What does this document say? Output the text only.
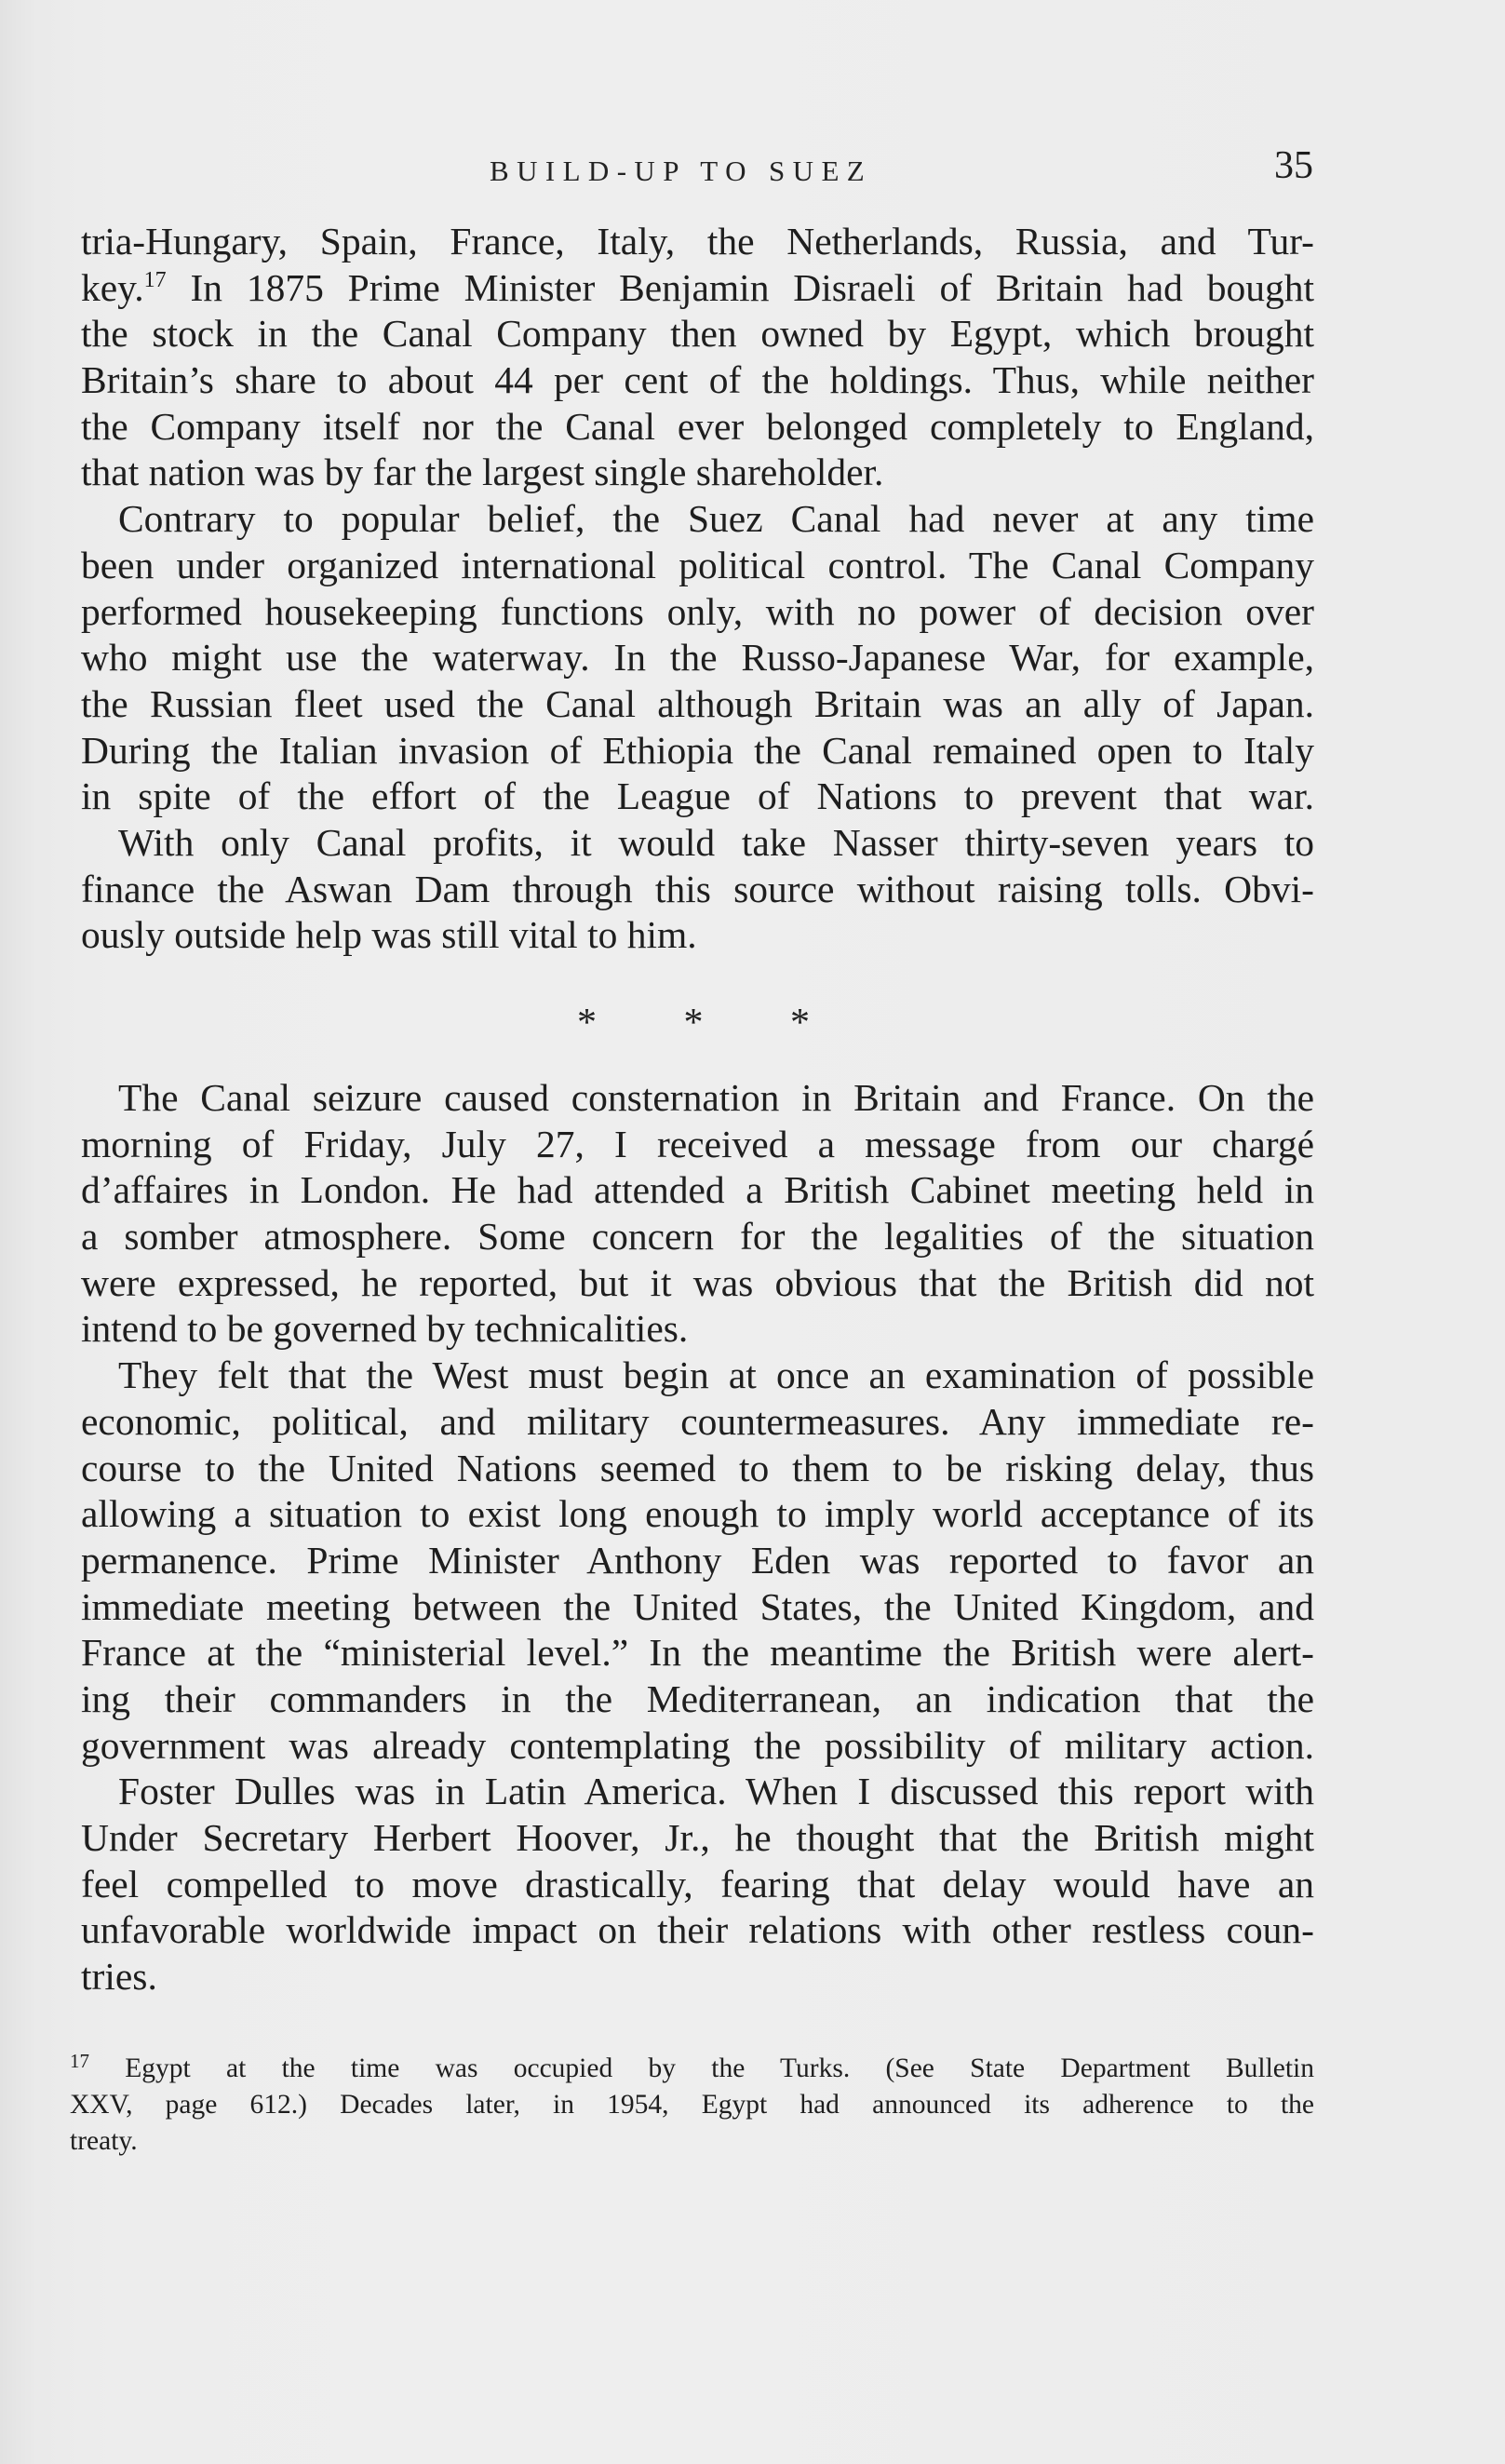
BUILD-UP TO SUEZ	35
tria-Hungary, Spain, France, Italy, the Netherlands, Russia, and Tur-
key.$^{17}$ In 1875 Prime Minister Benjamin Disraeli of Britain had bought
the stock in the Canal Company then owned by Egypt, which brought
Britain’s share to about 44 per cent of the holdings. Thus, while neither
the Company itself nor the Canal ever belonged completely to England,
that nation was by far the largest single shareholder.
Contrary to popular belief, the Suez Canal had never at any time
been under organized international political control. The Canal Company
performed housekeeping functions only, with no power of decision over
who might use the waterway. In the Russo-Japanese War, for example,
the Russian fleet used the Canal although Britain was an ally of Japan.
During the Italian invasion of Ethiopia the Canal remained open to Italy
in spite of the effort of the League of Nations to prevent that war.
With only Canal profits, it would take Nasser thirty-seven years to
finance the Aswan Dam through this source without raising tolls. Obvi-
ously outside help was still vital to him.
* * *
The Canal seizure caused consternation in Britain and France. On the
morning of Friday, July 27, I received a message from our chargé
d’affaires in London. He had attended a British Cabinet meeting held in
a somber atmosphere. Some concern for the legalities of the situation
were expressed, he reported, but it was obvious that the British did not
intend to be governed by technicalities.
They felt that the West must begin at once an examination of possible
economic, political, and military countermeasures. Any immediate re-
course to the United Nations seemed to them to be risking delay, thus
allowing a situation to exist long enough to imply world acceptance of its
permanence. Prime Minister Anthony Eden was reported to favor an
immediate meeting between the United States, the United Kingdom, and
France at the “ministerial level.” In the meantime the British were alert-
ing their commanders in the Mediterranean, an indication that the
government was already contemplating the possibility of military action.
Foster Dulles was in Latin America. When I discussed this report with
Under Secretary Herbert Hoover, Jr., he thought that the British might
feel compelled to move drastically, fearing that delay would have an
unfavorable worldwide impact on their relations with other restless coun-
tries.
$^{17}$ Egypt at the time was occupied by the Turks. (See State Department Bulletin
XXV, page 612.) Decades later, in 1954, Egypt had announced its adherence to the
treaty.
